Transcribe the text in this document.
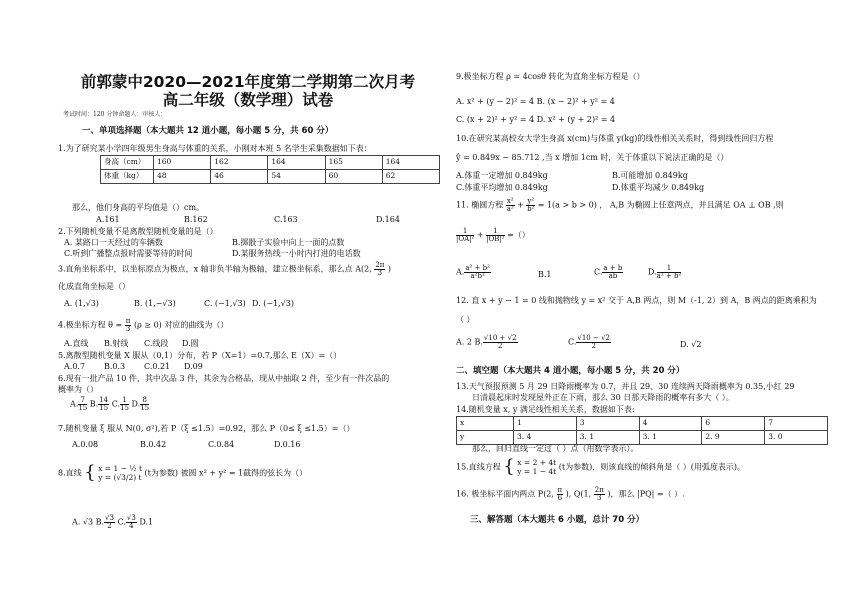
前郭蒙中2020—2021年度第二学期第二次月考
高二年级（数学理）试卷
考试时间：120 分钟命题人：审核人：
一、单项选择题（本大题共 12 道小题，每小题 5 分，共 60 分）
1.为了研究某小学四年级男生身高与体重的关系，小刚对本班 5 名学生采集数据如下表：
身高（cm）	160	162	164	165	164
体重（kg）	48	46	54	60	62
那么，他们身高的平均值是（）cm。
A.161	B.162	C.163	D.164
2.下列随机变量不是离散型随机变量的是（）
A. 某路口一天经过的车辆数	B.掷骰子实验中向上一面的点数
C.听到广播整点报时需要等待的时间	D.某服务热线一小时内打进的电话数
3.直角坐标系中，以坐标原点为极点，x 轴非负半轴为极轴，建立极坐标系，那么点 A(2, $\frac{2\pi}{3}$ )
化成直角坐标是（）
A. (1,√3)	B. (1,−√3)	C. (−1,√3) D. (−1,√3)
4.极坐标方程 $\theta = \frac{\pi}{3} (\rho \ge 0)$ 对应的曲线为（）
A.直线 B.射线 C.线段 D.圆
5.离散型随机变量 X 服从（0,1）分布，若 P（X=1）=0.7,那么 E（X）=（）
A.0.7 B.0.3 C.0.21 D.09
6.现有一批产品 10 件，其中次品 3 件，其余为合格品，现从中抽取 2 件，至少有一件次品的
概率为（）
A. $\frac{7}{15} B$. $\frac{14}{15} C$. $\frac{1}{15} D$. $\frac{8}{15}$
7.随机变量 ξ 服从 N(0, σ²),若 P（ξ ≤1.5）=0.92，那么 P（0≤ ξ ≤1.5）=（）
A.0.08	B.0.42	C.0.84	D.0.16
8.直线 { x = 1 − ½ t
y = (√3/2) t (t为参数) 被圆 x² + y² = 1截得的弦长为（）
A. √3 B. $\frac{√3}{2} C$. $\frac{√3}{4} D.1$
9.极坐标方程 ρ = 4cosθ 转化为直角坐标方程是（）
A. x² + (y − 2)² = 4 B. (x − 2)² + y² = 4
C. (x + 2)² + y² = 4 D. x² + (y + 2)² = 4
10.在研究某高校女大学生身高 x(cm)与体重 y(kg)的线性相关关系时，得到线性回归方程
ŷ = 0.849x − 85.712 ,当 x 增加 1cm 时，关于体重以下说法正确的是（）
A.体重一定增加 0.849kg	B.可能增加 0.849kg
C.体重平均增加 0.849kg	D.体重平均减少 0.849kg
11. 椭圆方程 $\frac{\text{x²}}{\text{a²}} + \frac{\text{y²}}{\text{b²}} = 1(a > b > 0)$ ， A,B 为椭圆上任意两点，并且满足 OA ⊥ OB ,则
$\frac{1}{\text{|OA|²}} + \frac{1}{\text{|OB|²}}$ =（）
A. $\frac{\text{a² + b²}}{\text{a²b²}}$	B.1	C. $\frac{a + b}{ab}$	D. $\frac{1}{\text{a² + b²}}$
12. 直 x + y − 1 = 0 线和抛物线 y = x² 交于 A,B 两点，则 M（-1, 2）到 A，B 两点的距离乘积为
（ ）
A. 2 B. $\frac{√10 + √2}{2}$	C. $\frac{√10 - √2}{2}$	D. √2
二、填空题（本大题共 4 道小题，每小题 5 分，共 20 分）
13.天气预报预测 5 月 29 日降雨概率为 0.7，并且 29、30 连续两天降雨概率为 0.35,小红 29
日清晨起床时发现屋外正在下雨，那么 30 日那天降雨的概率有多大（ ）。
14.随机变量 x, y 满足线性相关关系，数据如下表:
x	1	3	4	6	7
y	3. 4	3. 1	3. 1	2. 9	3. 0
那么，回归直线一定过（ ）点（用数学表示）。
15.直线方程 { x = 2 + 4t
y = 1 − 4t (t为参数)，则该直线的倾斜角是（ ）(用弧度表示)。
16. 极坐标平面内两点 P(2, $\frac{\pi}{6}$ ), Q(1, $\frac{2\pi}{3}$ )，那么 |PQ| =（ ）.
三、解答题（本大题共 6 小题，总计 70 分）
